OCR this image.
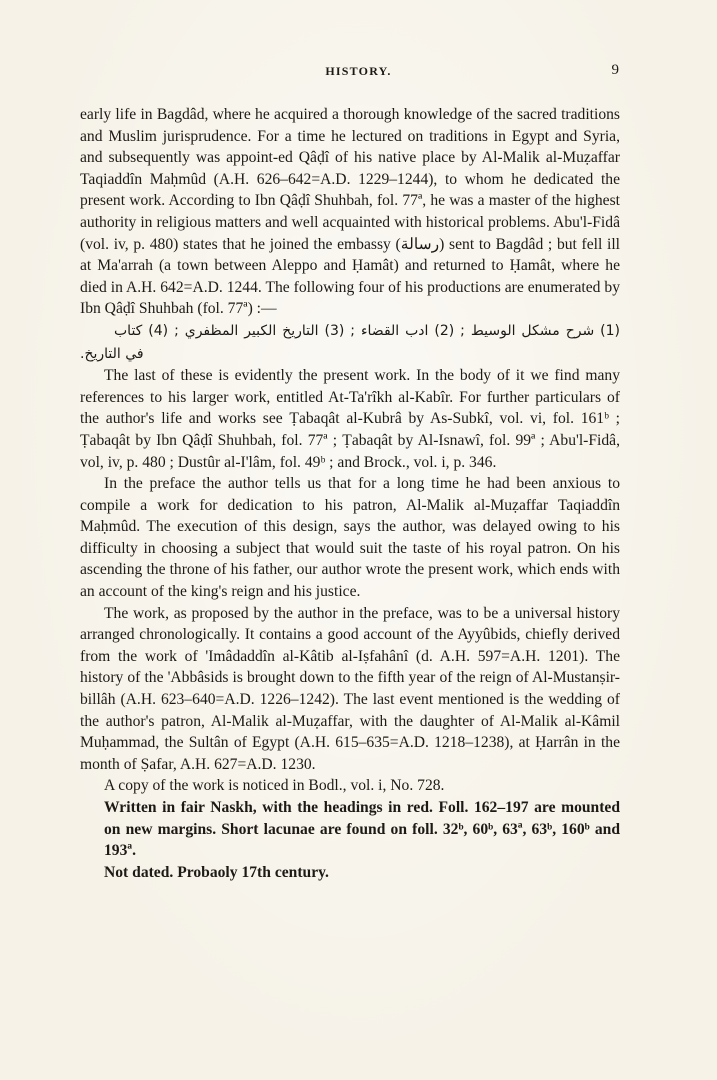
HISTORY.	9

early life in Bagdâd, where he acquired a thorough knowledge of the sacred traditions and Muslim jurisprudence. For a time he lectured on traditions in Egypt and Syria, and subsequently was appoint-ed Qâḍî of his native place by Al-Malik al-Muẓaffar Taqiaddîn Maḥmûd (A.H. 626–642=A.D. 1229–1244), to whom he dedicated the present work. According to Ibn Qâḍî Shuhbah, fol. 77ª, he was a master of the highest authority in religious matters and well acquainted with historical problems. Abu'l-Fidâ (vol. iv, p. 480) states that he joined the embassy (رسالة) sent to Bagdâd ; but fell ill at Ma'arrah (a town between Aleppo and Ḥamât) and returned to Ḥamât, where he died in A.H. 642=A.D. 1244. The following four of his productions are enumerated by Ibn Qâḍî Shuhbah (fol. 77ª) :—

(1) شرح مشكل الوسيط ; (2) ادب القضاء ; (3) التاريخ الكبير المظفري ; (4) كتاب في التاريخ.

The last of these is evidently the present work. In the body of it we find many references to his larger work, entitled At-Ta'rîkh al-Kabîr. For further particulars of the author's life and works see Ṭabaqât al-Kubrâ by As-Subkî, vol. vi, fol. 161ᵇ ; Ṭabaqât by Ibn Qâḍî Shuhbah, fol. 77ª ; Ṭabaqât by Al-Isnawî, fol. 99ª ; Abu'l-Fidâ, vol, iv, p. 480 ; Dustûr al-I'lâm, fol. 49ᵇ ; and Brock., vol. i, p. 346.

In the preface the author tells us that for a long time he had been anxious to compile a work for dedication to his patron, Al-Malik al-Muẓaffar Taqiaddîn Maḥmûd. The execution of this design, says the author, was delayed owing to his difficulty in choosing a subject that would suit the taste of his royal patron. On his ascending the throne of his father, our author wrote the present work, which ends with an account of the king's reign and his justice.

The work, as proposed by the author in the preface, was to be a universal history arranged chronologically. It contains a good account of the Ayyûbids, chiefly derived from the work of 'Imâdaddîn al-Kâtib al-Iṣfahânî (d. A.H. 597=A.H. 1201). The history of the 'Abbâsids is brought down to the fifth year of the reign of Al-Mustanṣir-billâh (A.H. 623–640=A.D. 1226–1242). The last event mentioned is the wedding of the author's patron, Al-Malik al-Muẓaffar, with the daughter of Al-Malik al-Kâmil Muḥammad, the Sultân of Egypt (A.H. 615–635=A.D. 1218–1238), at Ḥarrân in the month of Ṣafar, A.H. 627=A.D. 1230.

A copy of the work is noticed in Bodl., vol. i, No. 728.

Written in fair Naskh, with the headings in red. Foll. 162–197 are mounted on new margins. Short lacunae are found on foll. 32ᵇ, 60ᵇ, 63ª, 63ᵇ, 160ᵇ and 193ª.

Not dated. Probaoly 17th century.
